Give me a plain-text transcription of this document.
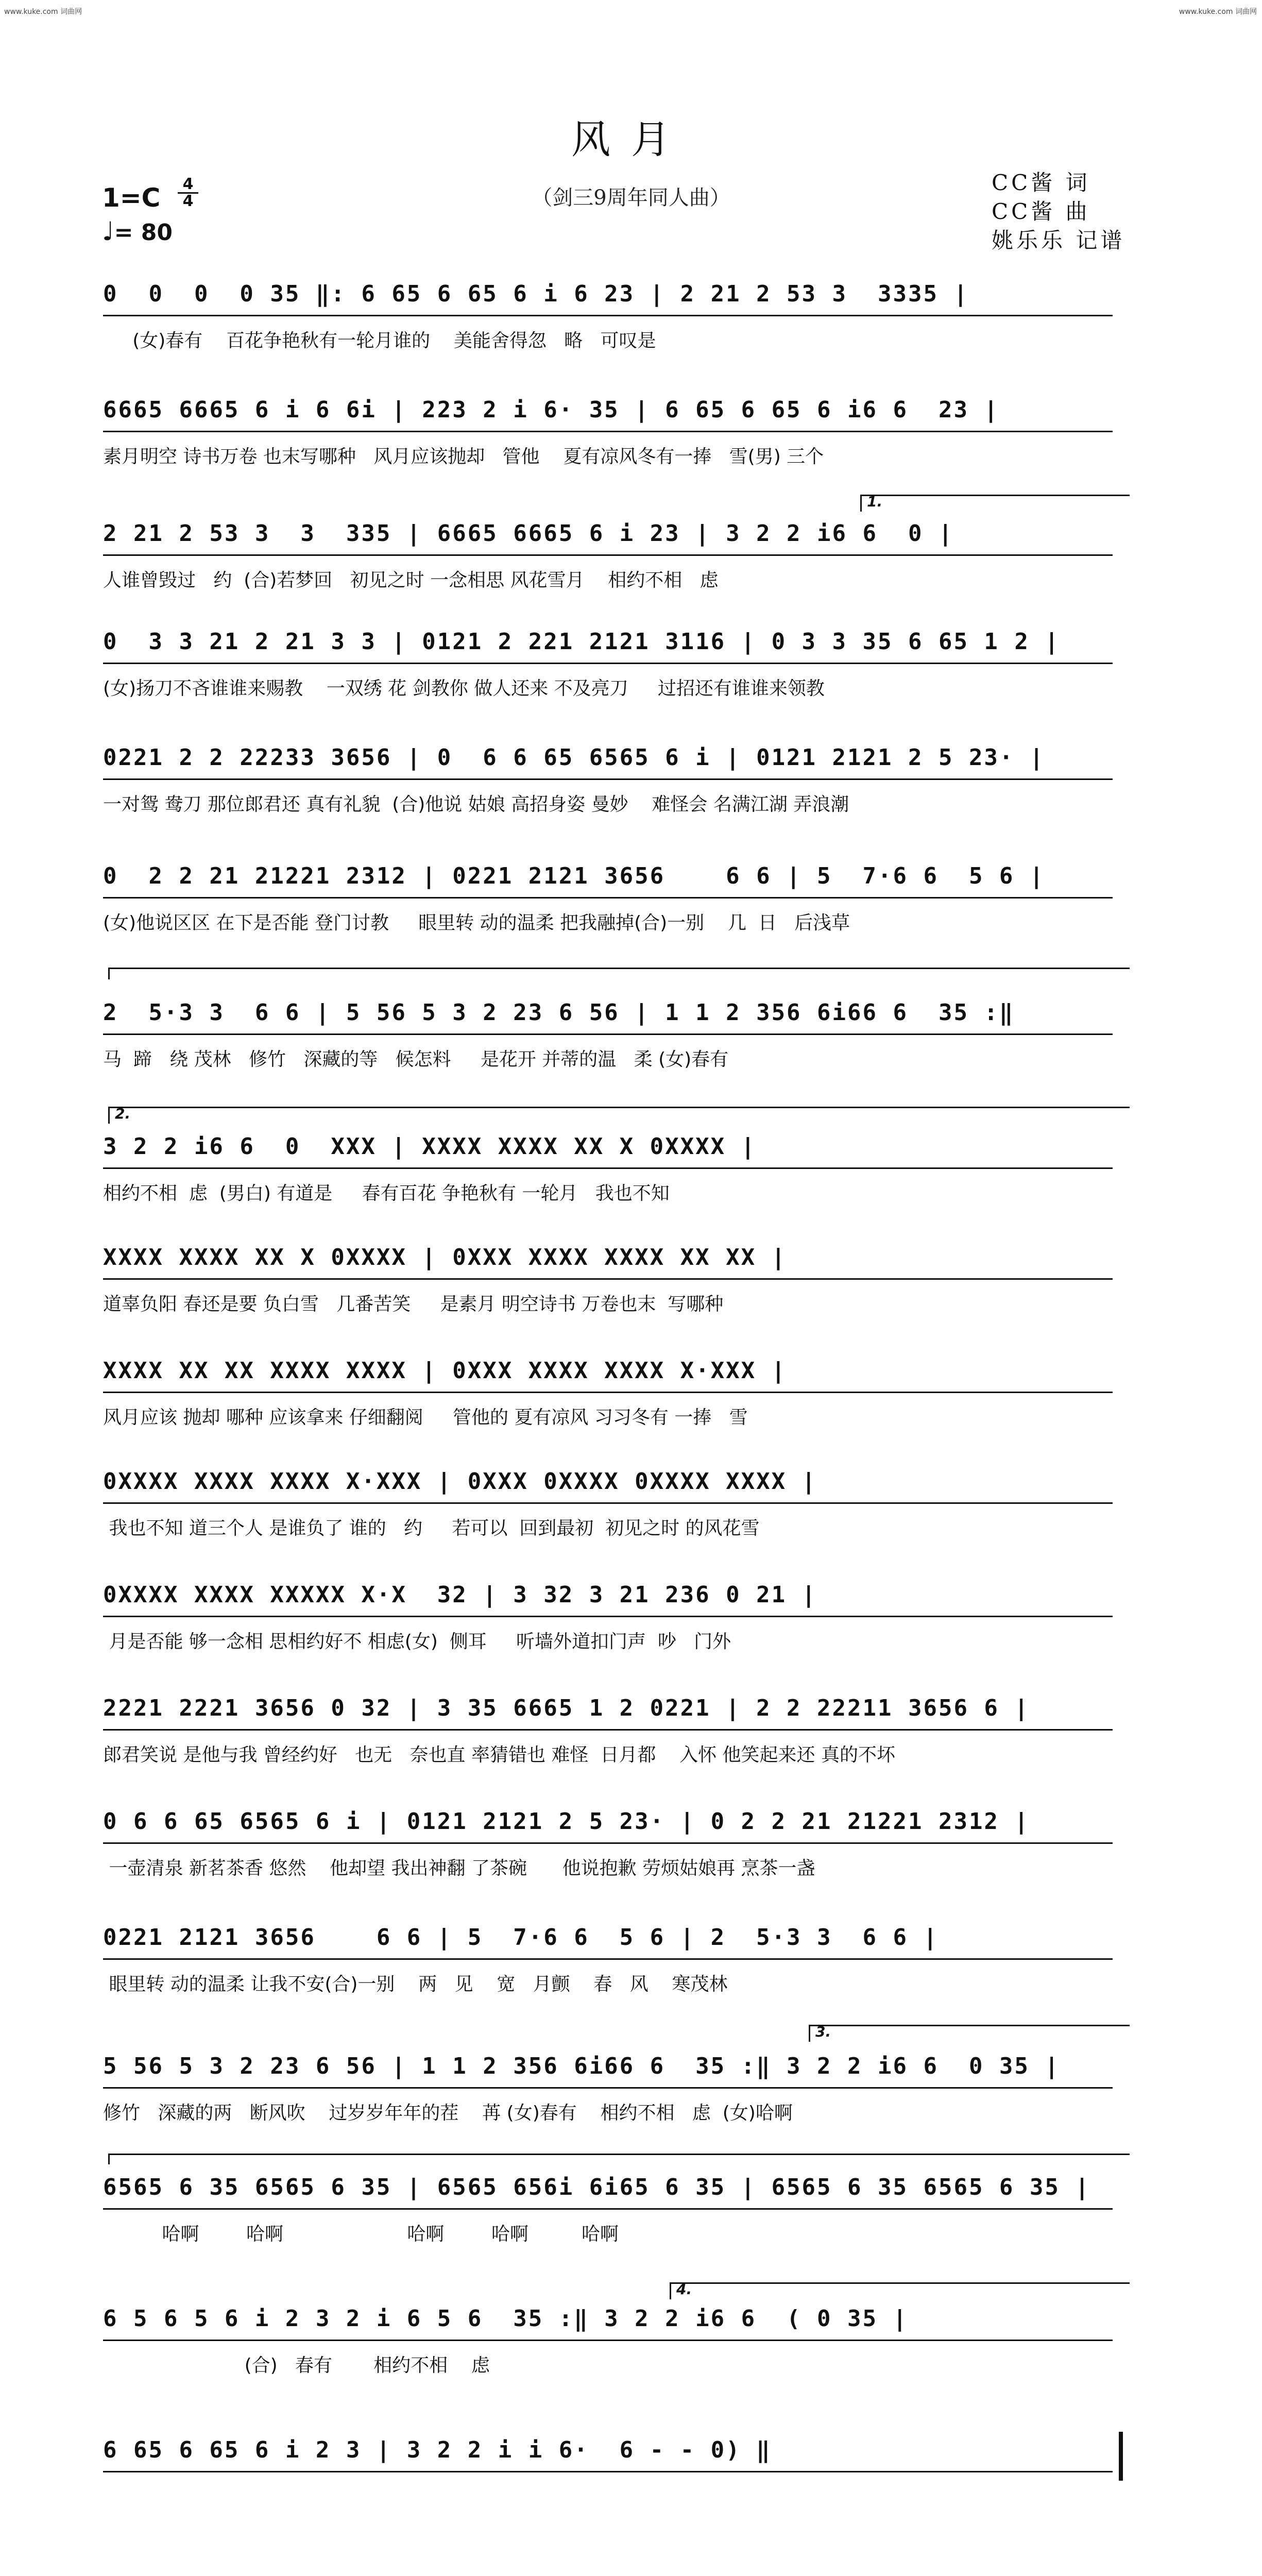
www.kuke.com 词曲网	www.kuke.com 词曲网
风月
（剑三9周年同人曲）
1=C	4
4
♩= 80
CC酱 词
CC酱 曲
姚乐乐 记谱
0  0  0  0 35 ‖: 6 65 6 65 6 i 6 23 | 2 21 2 53 3  3335 |
(女)春有    百花争艳秋有一轮月谁的    美能舍得忽   略   可叹是
6665 6665 6 i 6 6i | 223 2 i 6· 35 | 6 65 6 65 6 i6 6  23 |
素月明空 诗书万卷 也末写哪种   风月应该抛却   管他    夏有凉风冬有一捧   雪(男) 三个
1.
2 21 2 53 3  3  335 | 6665 6665 6 i 23 | 3 2 2 i6 6  0 |
人谁曾毁过   约  (合)若梦回   初见之时 一念相思 风花雪月    相约不相   虑
0  3 3 21 2 21 3 3 | 0121 2 221 2121 3116 | 0 3 3 35 6 65 1 2 |
(女)扬刀不吝谁谁来赐教    一双绣 花 剑教你 做人还来 不及亮刀     过招还有谁谁来领教
0221 2 2 22233 3656 | 0  6 6 65 6565 6 i | 0121 2121 2 5 23· |
一对鸳 鸯刀 那位郎君还 真有礼貌  (合)他说 姑娘 高招身姿 曼妙    难怪会 名满江湖 弄浪潮
0  2 2 21 21221 2312 | 0221 2121 3656    6 6 | 5  7·6 6  5 6 |
(女)他说区区 在下是否能 登门讨教     眼里转 动的温柔 把我融掉(合)一别    几  日   后浅草
2  5·3 3  6 6 | 5 56 5 3 2 23 6 56 | 1 1 2 356 6i66 6  35 :‖
马  蹄   绕 茂林   修竹   深藏的等   候怎料     是花开 并蒂的温   柔 (女)春有
2.
3 2 2 i6 6  0  XXX | XXXX XXXX XX X 0XXXX |
相约不相  虑  (男白) 有道是     春有百花 争艳秋有 一轮月   我也不知
XXXX XXXX XX X 0XXXX | 0XXX XXXX XXXX XX XX |
道辜负阳 春还是要 负白雪   几番苦笑     是素月 明空诗书 万卷也末  写哪种
XXXX XX XX XXXX XXXX | 0XXX XXXX XXXX X·XXX |
风月应该 抛却 哪种 应该拿来 仔细翻阅     管他的 夏有凉风 习习冬有 一捧   雪
0XXXX XXXX XXXX X·XXX | 0XXX 0XXXX 0XXXX XXXX |
我也不知 道三个人 是谁负了 谁的   约     若可以  回到最初  初见之时 的风花雪
0XXXX XXXX XXXXX X·X  32 | 3 32 3 21 236 0 21 |
月是否能 够一念相 思相约好不 相虑(女)  侧耳     听墙外道扣门声  吵   门外
2221 2221 3656 0 32 | 3 35 6665 1 2 0221 | 2 2 22211 3656 6 |
郎君笑说 是他与我 曾经约好   也无   奈也直 率猜错也 难怪  日月都    入怀 他笑起来还 真的不坏
0 6 6 65 6565 6 i | 0121 2121 2 5 23· | 0 2 2 21 21221 2312 |
一壶清泉 新茗茶香 悠然    他却望 我出神翻 了茶碗      他说抱歉 劳烦姑娘再 烹茶一盏
0221 2121 3656    6 6 | 5  7·6 6  5 6 | 2  5·3 3  6 6 |
眼里转 动的温柔 让我不安(合)一别    两   见    宽   月颤    春   风    寒茂林
3.
5 56 5 3 2 23 6 56 | 1 1 2 356 6i66 6  35 :‖ 3 2 2 i6 6  0 35 |
修竹   深藏的两   断风吹    过岁岁年年的茬    苒 (女)春有    相约不相   虑  (女)哈啊
6565 6 35 6565 6 35 | 6565 656i 6i65 6 35 | 6565 6 35 6565 6 35 |
哈啊        哈啊                     哈啊        哈啊         哈啊
4.
6 5 6 5 6 i 2 3 2 i 6 5 6  35 :‖ 3 2 2 i6 6  ( 0 35 |
(合)   春有       相约不相    虑
6 65 6 65 6 i 2 3 | 3 2 2 i i 6·  6 - - 0) ‖
